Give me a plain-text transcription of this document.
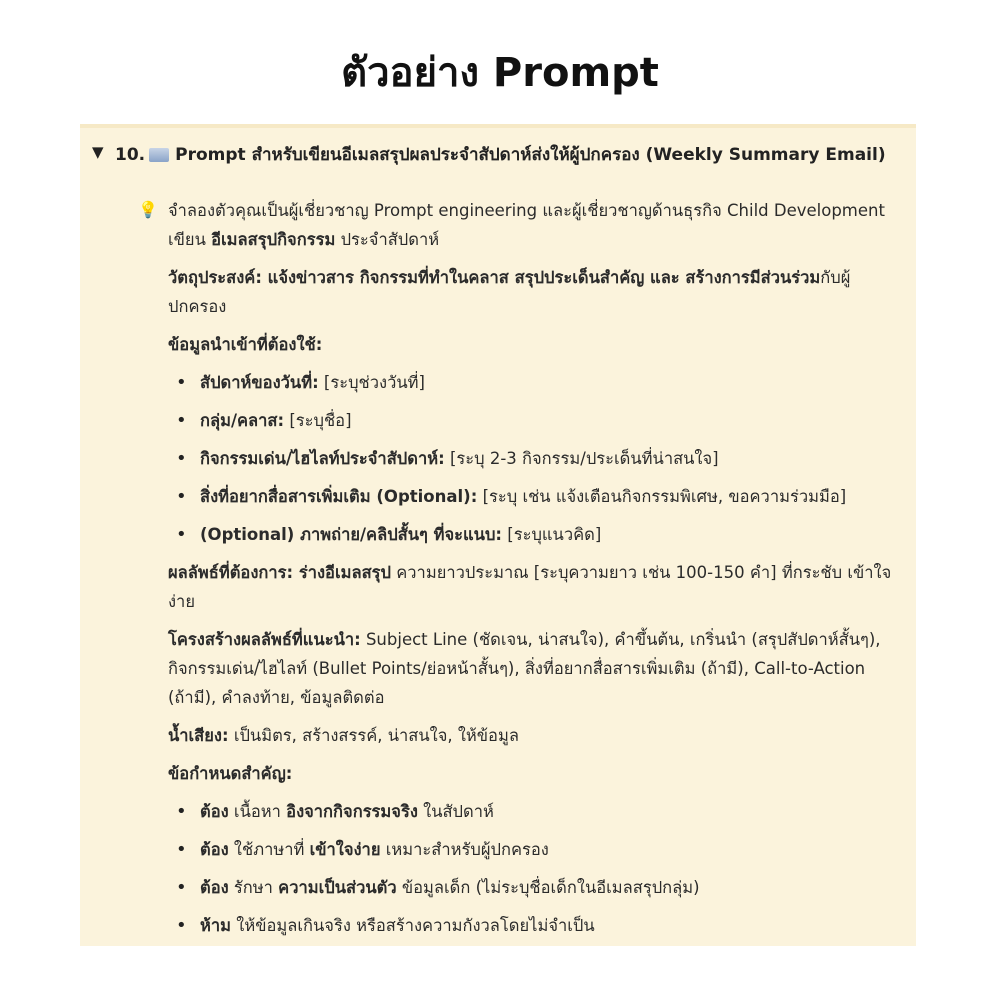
ตัวอย่าง Prompt
▼ 10. Prompt สำหรับเขียนอีเมลสรุปผลประจำสัปดาห์ส่งให้ผู้ปกครอง (Weekly Summary Email)
💡 จำลองตัวคุณเป็นผู้เชี่ยวชาญ Prompt engineering และผู้เชี่ยวชาญด้านธุรกิจ Child Development เขียน อีเมลสรุปกิจกรรม ประจำสัปดาห์

วัตถุประสงค์: แจ้งข่าวสาร กิจกรรมที่ทำในคลาส สรุปประเด็นสำคัญ และ สร้างการมีส่วนร่วมกับผู้ปกครอง

ข้อมูลนำเข้าที่ต้องใช้:

• สัปดาห์ของวันที่: [ระบุช่วงวันที่]
• กลุ่ม/คลาส: [ระบุชื่อ]
• กิจกรรมเด่น/ไฮไลท์ประจำสัปดาห์: [ระบุ 2-3 กิจกรรม/ประเด็นที่น่าสนใจ]
• สิ่งที่อยากสื่อสารเพิ่มเติม (Optional): [ระบุ เช่น แจ้งเตือนกิจกรรมพิเศษ, ขอความร่วมมือ]
• (Optional) ภาพถ่าย/คลิปสั้นๆ ที่จะแนบ: [ระบุแนวคิด]

ผลลัพธ์ที่ต้องการ: ร่างอีเมลสรุป ความยาวประมาณ [ระบุความยาว เช่น 100-150 คำ] ที่กระชับ เข้าใจง่าย

โครงสร้างผลลัพธ์ที่แนะนำ: Subject Line (ชัดเจน, น่าสนใจ), คำขึ้นต้น, เกริ่นนำ (สรุปสัปดาห์สั้นๆ), กิจกรรมเด่น/ไฮไลท์ (Bullet Points/ย่อหน้าสั้นๆ), สิ่งที่อยากสื่อสารเพิ่มเติม (ถ้ามี), Call-to-Action (ถ้ามี), คำลงท้าย, ข้อมูลติดต่อ

น้ำเสียง: เป็นมิตร, สร้างสรรค์, น่าสนใจ, ให้ข้อมูล

ข้อกำหนดสำคัญ:

• ต้อง เนื้อหา อิงจากกิจกรรมจริง ในสัปดาห์
• ต้อง ใช้ภาษาที่ เข้าใจง่าย เหมาะสำหรับผู้ปกครอง
• ต้อง รักษา ความเป็นส่วนตัว ข้อมูลเด็ก (ไม่ระบุชื่อเด็กในอีเมลสรุปกลุ่ม)
• ห้าม ให้ข้อมูลเกินจริง หรือสร้างความกังวลโดยไม่จำเป็น
